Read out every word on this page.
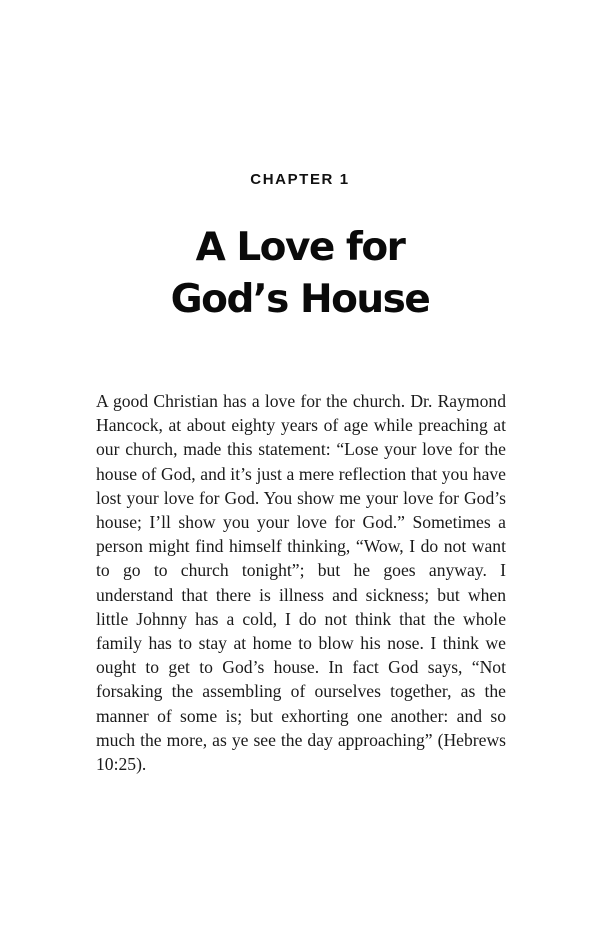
CHAPTER 1
A Love for
God’s House

A good Christian has a love for the church. Dr. Raymond Hancock, at about eighty years of age while preaching at our church, made this statement: “Lose your love for the house of God, and it’s just a mere reflection that you have lost your love for God. You show me your love for God’s house; I’ll show you your love for God.” Sometimes a person might find himself thinking, “Wow, I do not want to go to church tonight”; but he goes anyway. I understand that there is illness and sickness; but when little Johnny has a cold, I do not think that the whole family has to stay at home to blow his nose. I think we ought to get to God’s house. In fact God says, “Not forsaking the assembling of ourselves together, as the manner of some is; but exhorting one another: and so much the more, as ye see the day approaching” (Hebrews 10:25).
